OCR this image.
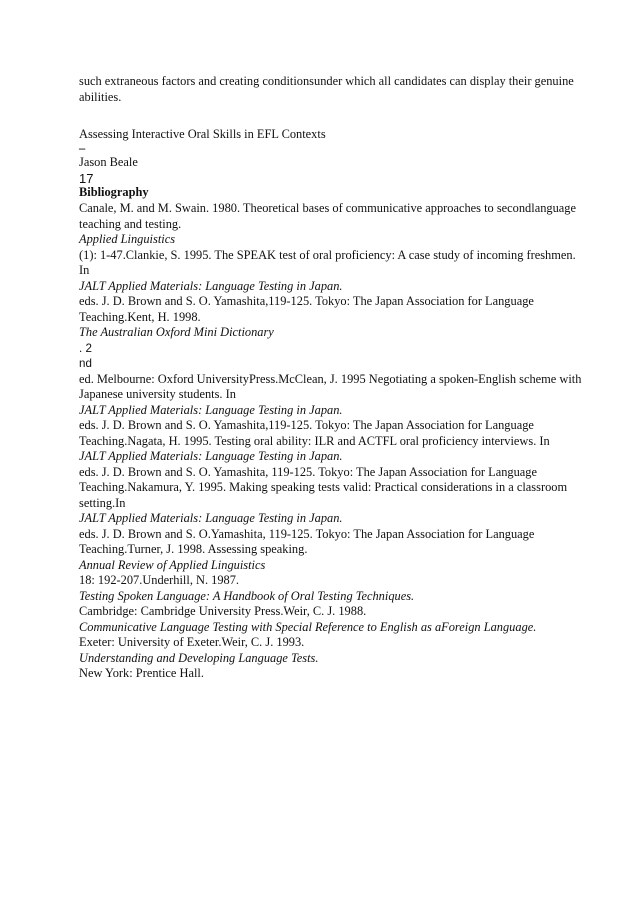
such extraneous factors and creating conditionsunder which all candidates can display their genuine
abilities.
Assessing Interactive Oral Skills in EFL Contexts
–
Jason Beale
17
Bibliography
Canale, M. and M. Swain. 1980. Theoretical bases of communicative approaches to secondlanguage
teaching and testing.
Applied Linguistics
(1): 1-47.Clankie, S. 1995. The SPEAK test of oral proficiency: A case study of incoming freshmen.
In
JALT Applied Materials: Language Testing in Japan.
eds. J. D. Brown and S. O. Yamashita,119-125. Tokyo: The Japan Association for Language
Teaching.Kent, H. 1998.
The Australian Oxford Mini Dictionary
. 2
nd
ed. Melbourne: Oxford UniversityPress.McClean, J. 1995 Negotiating a spoken-English scheme with
Japanese university students. In
JALT Applied Materials: Language Testing in Japan.
eds. J. D. Brown and S. O. Yamashita,119-125. Tokyo: The Japan Association for Language
Teaching.Nagata, H. 1995. Testing oral ability: ILR and ACTFL oral proficiency interviews. In
JALT Applied Materials: Language Testing in Japan.
eds. J. D. Brown and S. O. Yamashita, 119-125. Tokyo: The Japan Association for Language
Teaching.Nakamura, Y. 1995. Making speaking tests valid: Practical considerations in a classroom
setting.In
JALT Applied Materials: Language Testing in Japan.
eds. J. D. Brown and S. O.Yamashita, 119-125. Tokyo: The Japan Association for Language
Teaching.Turner, J. 1998. Assessing speaking.
Annual Review of Applied Linguistics
18: 192-207.Underhill, N. 1987.
Testing Spoken Language: A Handbook of Oral Testing Techniques.
Cambridge: Cambridge University Press.Weir, C. J. 1988.
Communicative Language Testing with Special Reference to English as aForeign Language.
Exeter: University of Exeter.Weir, C. J. 1993.
Understanding and Developing Language Tests.
New York: Prentice Hall.
